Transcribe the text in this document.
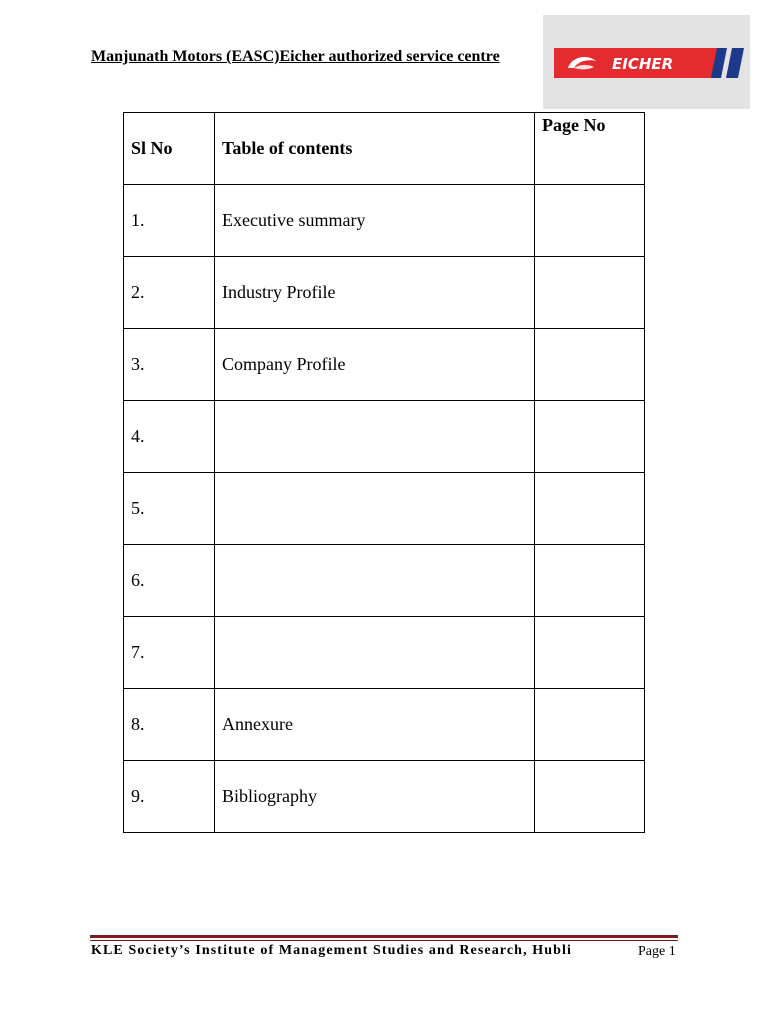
Manjunath Motors (EASC)Eicher authorized service centre	EICHER
Sl No	Table of contents	Page No
1.	Executive summary	
2.	Industry Profile	
3.	Company Profile	
4.		
5.		
6.		
7.		
8.	Annexure	
9.	Bibliography	
KLE Society’s Institute of Management Studies and Research, Hubli	Page 1
